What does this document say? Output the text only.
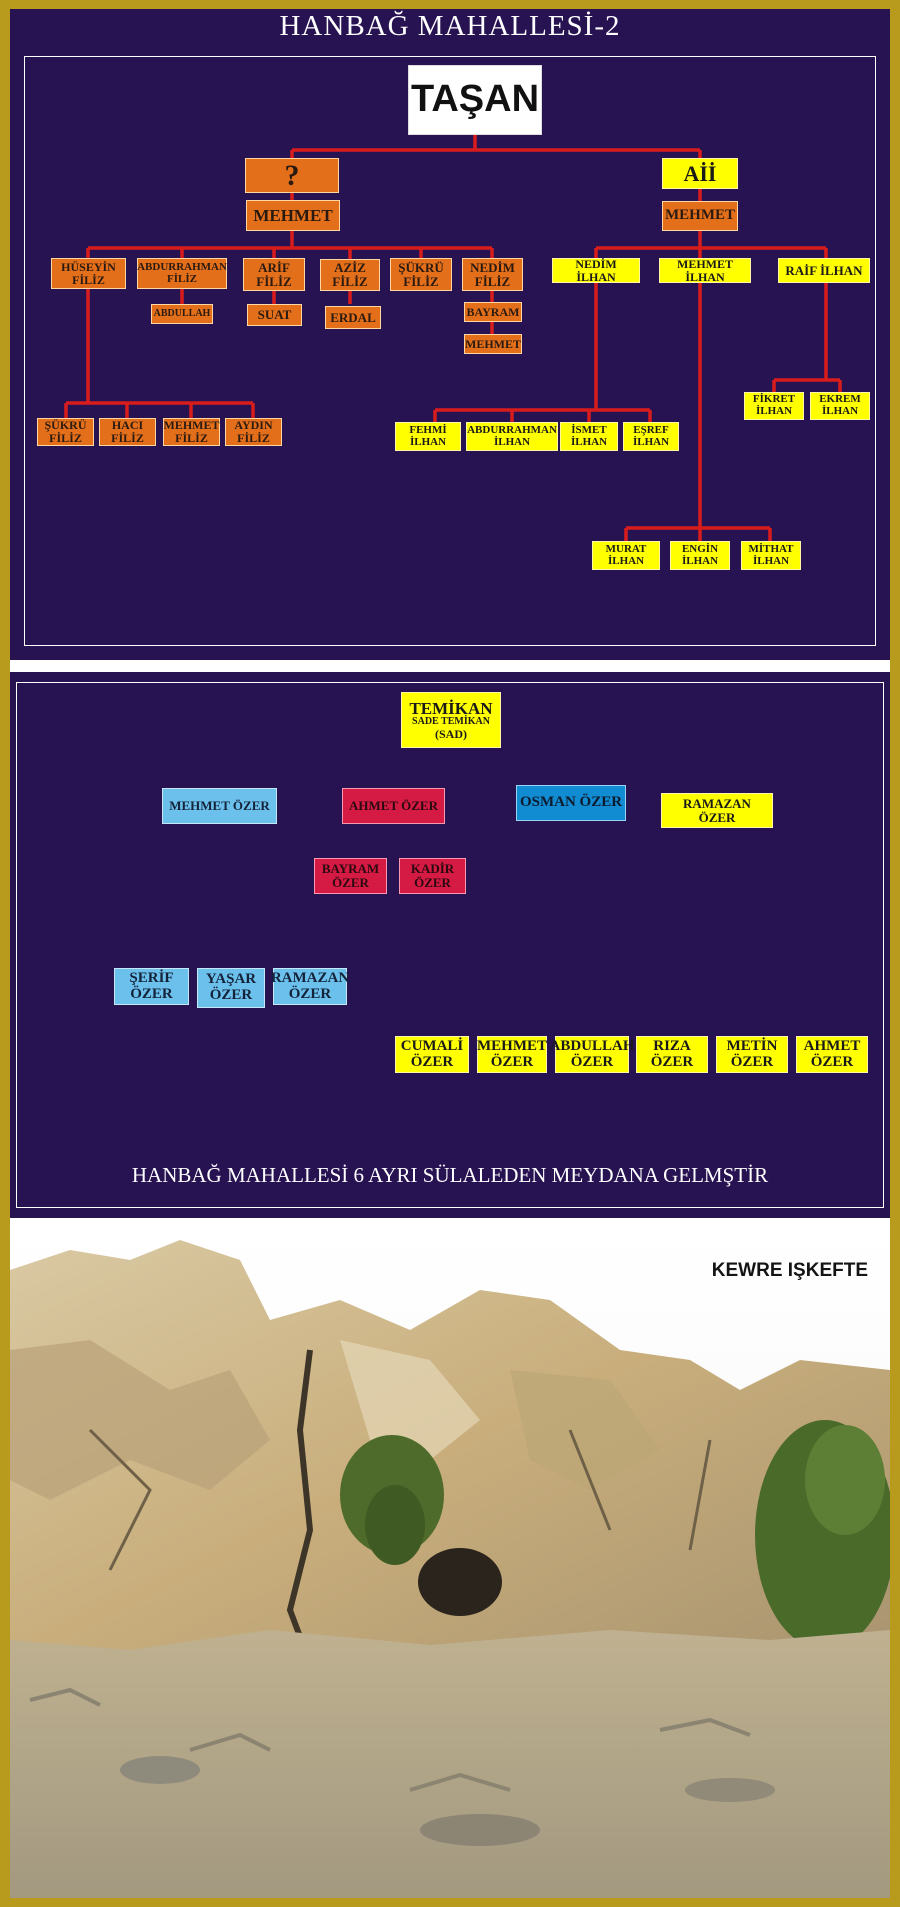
HANBAĞ MAHALLESİ-2
TAŞAN
?
MEHMET
HÜSEYİN
FİLİZ
ABDURRAHMAN
FİLİZ
ARİF
FİLİZ
AZİZ
FİLİZ
ŞÜKRÜ
FİLİZ
NEDİM
FİLİZ
ABDULLAH	SUAT	ERDAL	BAYRAM
MEHMET
ŞÜKRÜ
FİLİZ
HACI
FİLİZ
MEHMET
FİLİZ
AYDIN
FİLİZ
Aİİ
MEHMET
NEDİM İLHAN
MEHMET İLHAN	RAİF İLHAN
FEHMİ
İLHAN
ABDURRAHMAN
İLHAN
İSMET
İLHAN
EŞREF
İLHAN
FİKRET
İLHAN
EKREM
İLHAN
MURAT
İLHAN
ENGİN
İLHAN
MİTHAT
İLHAN
TEMİKAN
SADE TEMİKAN
(SAD)
MEHMET ÖZER	AHMET ÖZER	OSMAN ÖZER	RAMAZAN ÖZER
ŞERİF
ÖZER
YAŞAR
ÖZER
RAMAZAN
ÖZER
BAYRAM
ÖZER
KADİR
ÖZER
CUMALİ
ÖZER
MEHMET
ÖZER
ABDULLAH
ÖZER
RIZA
ÖZER
METİN
ÖZER
AHMET
ÖZER
HANBAĞ MAHALLESİ 6 AYRI SÜLALEDEN MEYDANA GELMŞTİR
KEWRE IŞKEFTE
